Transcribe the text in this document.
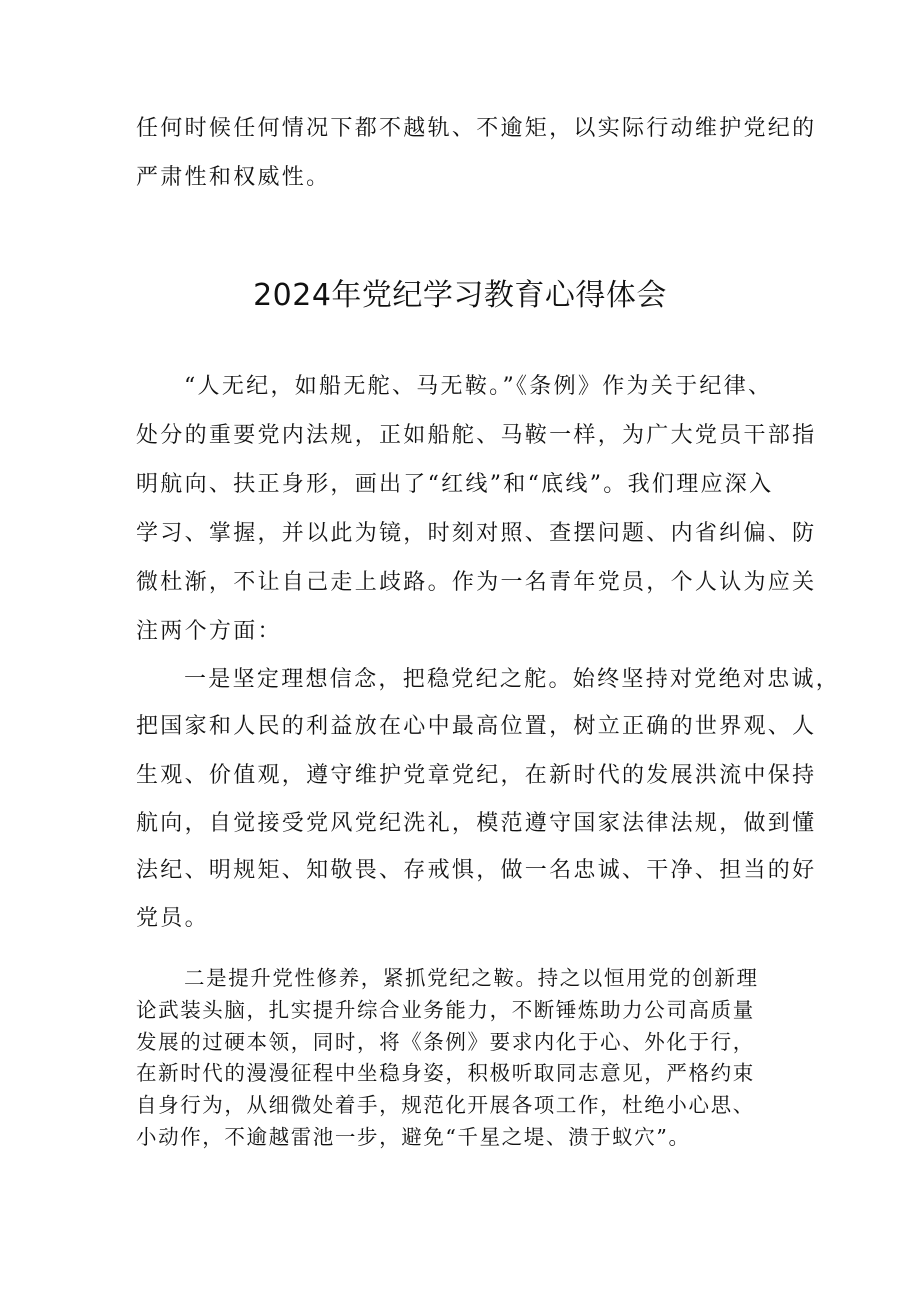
任何时候任何情况下都不越轨、不逾矩，以实际行动维护党纪的
严肃性和权威性。
2024年党纪学习教育心得体会
“人无纪，如船无舵、马无鞍。”《条例》作为关于纪律、
处分的重要党内法规，正如船舵、马鞍一样，为广大党员干部指
明航向、扶正身形，画出了“红线”和“底线”。我们理应深入
学习、掌握，并以此为镜，时刻对照、查摆问题、内省纠偏、防
微杜渐，不让自己走上歧路。作为一名青年党员，个人认为应关
注两个方面：
一是坚定理想信念，把稳党纪之舵。始终坚持对党绝对忠诚，
把国家和人民的利益放在心中最高位置，树立正确的世界观、人
生观、价值观，遵守维护党章党纪，在新时代的发展洪流中保持
航向，自觉接受党风党纪洗礼，模范遵守国家法律法规，做到懂
法纪、明规矩、知敬畏、存戒惧，做一名忠诚、干净、担当的好
党员。
二是提升党性修养，紧抓党纪之鞍。持之以恒用党的创新理
论武装头脑，扎实提升综合业务能力，不断锤炼助力公司高质量
发展的过硬本领，同时，将《条例》要求内化于心、外化于行，
在新时代的漫漫征程中坐稳身姿，积极听取同志意见，严格约束
自身行为，从细微处着手，规范化开展各项工作，杜绝小心思、
小动作，不逾越雷池一步，避免“千星之堤、溃于蚁穴”。
